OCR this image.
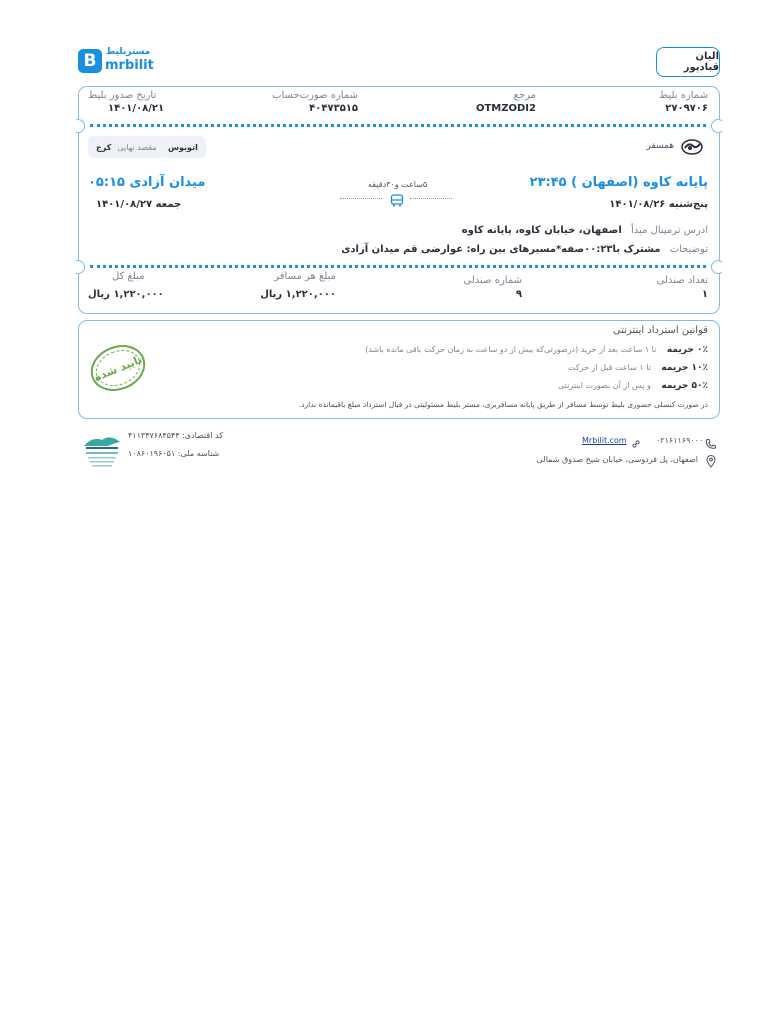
الیان قبادپور
B	مستربلیط
mrbilit
شماره بلیط
۲۷۰۹۷۰۶
مرجع
OTMZODI2
شماره صورت‌حساب
۴۰۴۷۳۵۱۵
تاریخ صدور بلیط
۱۴۰۱/۰۸/۲۱
همسفر
اتوبوس
مقصد نهایی
کرج
پایانه کاوه (اصفهان ) ۲۳:۴۵
پنج‌شنبه ۱۴۰۱/۰۸/۲۶
میدان آزادی ۰۵:۱۵
جمعه ۱۴۰۱/۰۸/۲۷
۵ساعت و۳۰دقیقه
ادرس ترمینال مبدأ اصفهان، خیابان کاوه، پایانه کاوه
توضیحات مشترک با۰۰:۲۳صفه*مسیرهای بین راه: عوارضی قم میدان آزادی
تعداد صندلی
۱
شماره صندلی
۹
مبلغ هر مسافر
۱,۲۲۰,۰۰۰ ریال
مبلغ کل
۱,۲۲۰,۰۰۰ ریال
قوانین استرداد اینترنتی
۰٪ جریمه تا ۱ ساعت بعد از خرید (درصورتی‌که بیش از دو ساعت به زمان حرکت باقی مانده باشد)
۱۰٪ جریمه تا ۱ ساعت قبل از حرکت
۵۰٪ جریمه و پس از آن بصورت اینترنتی
در صورت کنسلی حضوری بلیط توسط مسافر از طریق پایانه مسافربری، مستر بلیط مسئولیتی در قبال استرداد مبلغ باقیمانده ندارد.
تایید شده
۰۲۱۶۱۱۶۹۰۰۰
Mrbilit.com
اصفهان، پل فردوسی، خیابان شیخ صدوق شمالی
کد اقتصادی: ۴۱۱۳۴۷۶۸۴۵۴۴
شناسه ملی: ۱۰۸۶۰۱۹۶۰۵۱
